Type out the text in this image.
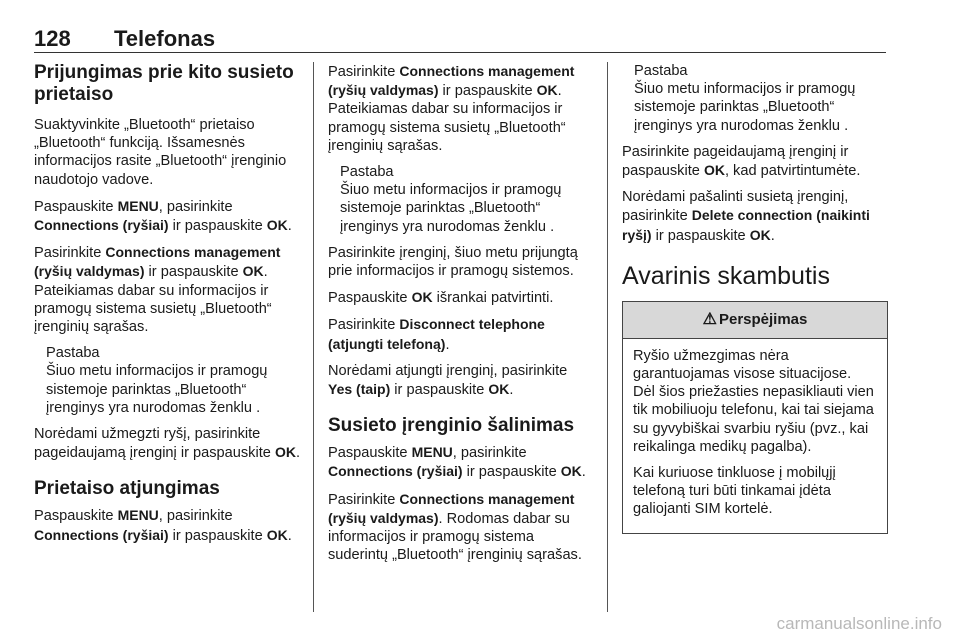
128 Telefonas
Prijungimas prie kito susieto prietaiso

Suaktyvinkite „Bluetooth“ prietaiso „Bluetooth“ funkciją. Išsamesnės informacijos rasite „Bluetooth“ įrenginio naudotojo vadove.

Paspauskite MENU, pasirinkite Connections (ryšiai) ir paspauskite OK.

Pasirinkite Connections management (ryšių valdymas) ir paspauskite OK. Pateikiamas dabar su informacijos ir pramogų sistema susietų „Bluetooth“ įrenginių sąrašas.

Pastaba
Šiuo metu informacijos ir pramogų sistemoje parinktas „Bluetooth“ įrenginys yra nurodomas ženklu .

Norėdami užmegzti ryšį, pasirinkite pageidaujamą įrenginį ir paspauskite OK.

Prietaiso atjungimas

Paspauskite MENU, pasirinkite Connections (ryšiai) ir paspauskite OK.

Pasirinkite Connections management (ryšių valdymas) ir paspauskite OK. Pateikiamas dabar su informacijos ir pramogų sistema susietų „Bluetooth“ įrenginių sąrašas.

Pastaba
Šiuo metu informacijos ir pramogų sistemoje parinktas „Bluetooth“ įrenginys yra nurodomas ženklu .

Pasirinkite įrenginį, šiuo metu prijungtą prie informacijos ir pramogų sistemos.

Paspauskite OK išrankai patvirtinti.

Pasirinkite Disconnect telephone (atjungti telefoną).

Norėdami atjungti įrenginį, pasirinkite Yes (taip) ir paspauskite OK.

Susieto įrenginio šalinimas

Paspauskite MENU, pasirinkite Connections (ryšiai) ir paspauskite OK.

Pasirinkite Connections management (ryšių valdymas). Rodomas dabar su informacijos ir pramogų sistema suderintų „Bluetooth“ įrenginių sąrašas.

Pastaba
Šiuo metu informacijos ir pramogų sistemoje parinktas „Bluetooth“ įrenginys yra nurodomas ženklu .

Pasirinkite pageidaujamą įrenginį ir paspauskite OK, kad patvirtintumėte.

Norėdami pašalinti susietą įrenginį, pasirinkite Delete connection (naikinti ryšį) ir paspauskite OK.

Avarinis skambutis
⚠ Perspėjimas

Ryšio užmezgimas nėra garantuojamas visose situacijose. Dėl šios priežasties nepasikliauti vien tik mobiliuoju telefonu, kai tai siejama su gyvybiškai svarbiu ryšiu (pvz., kai reikalinga medikų pagalba).

Kai kuriuose tinkluose į mobilųjį telefoną turi būti tinkamai įdėta galiojanti SIM kortelė.

carmanualsonline.info
